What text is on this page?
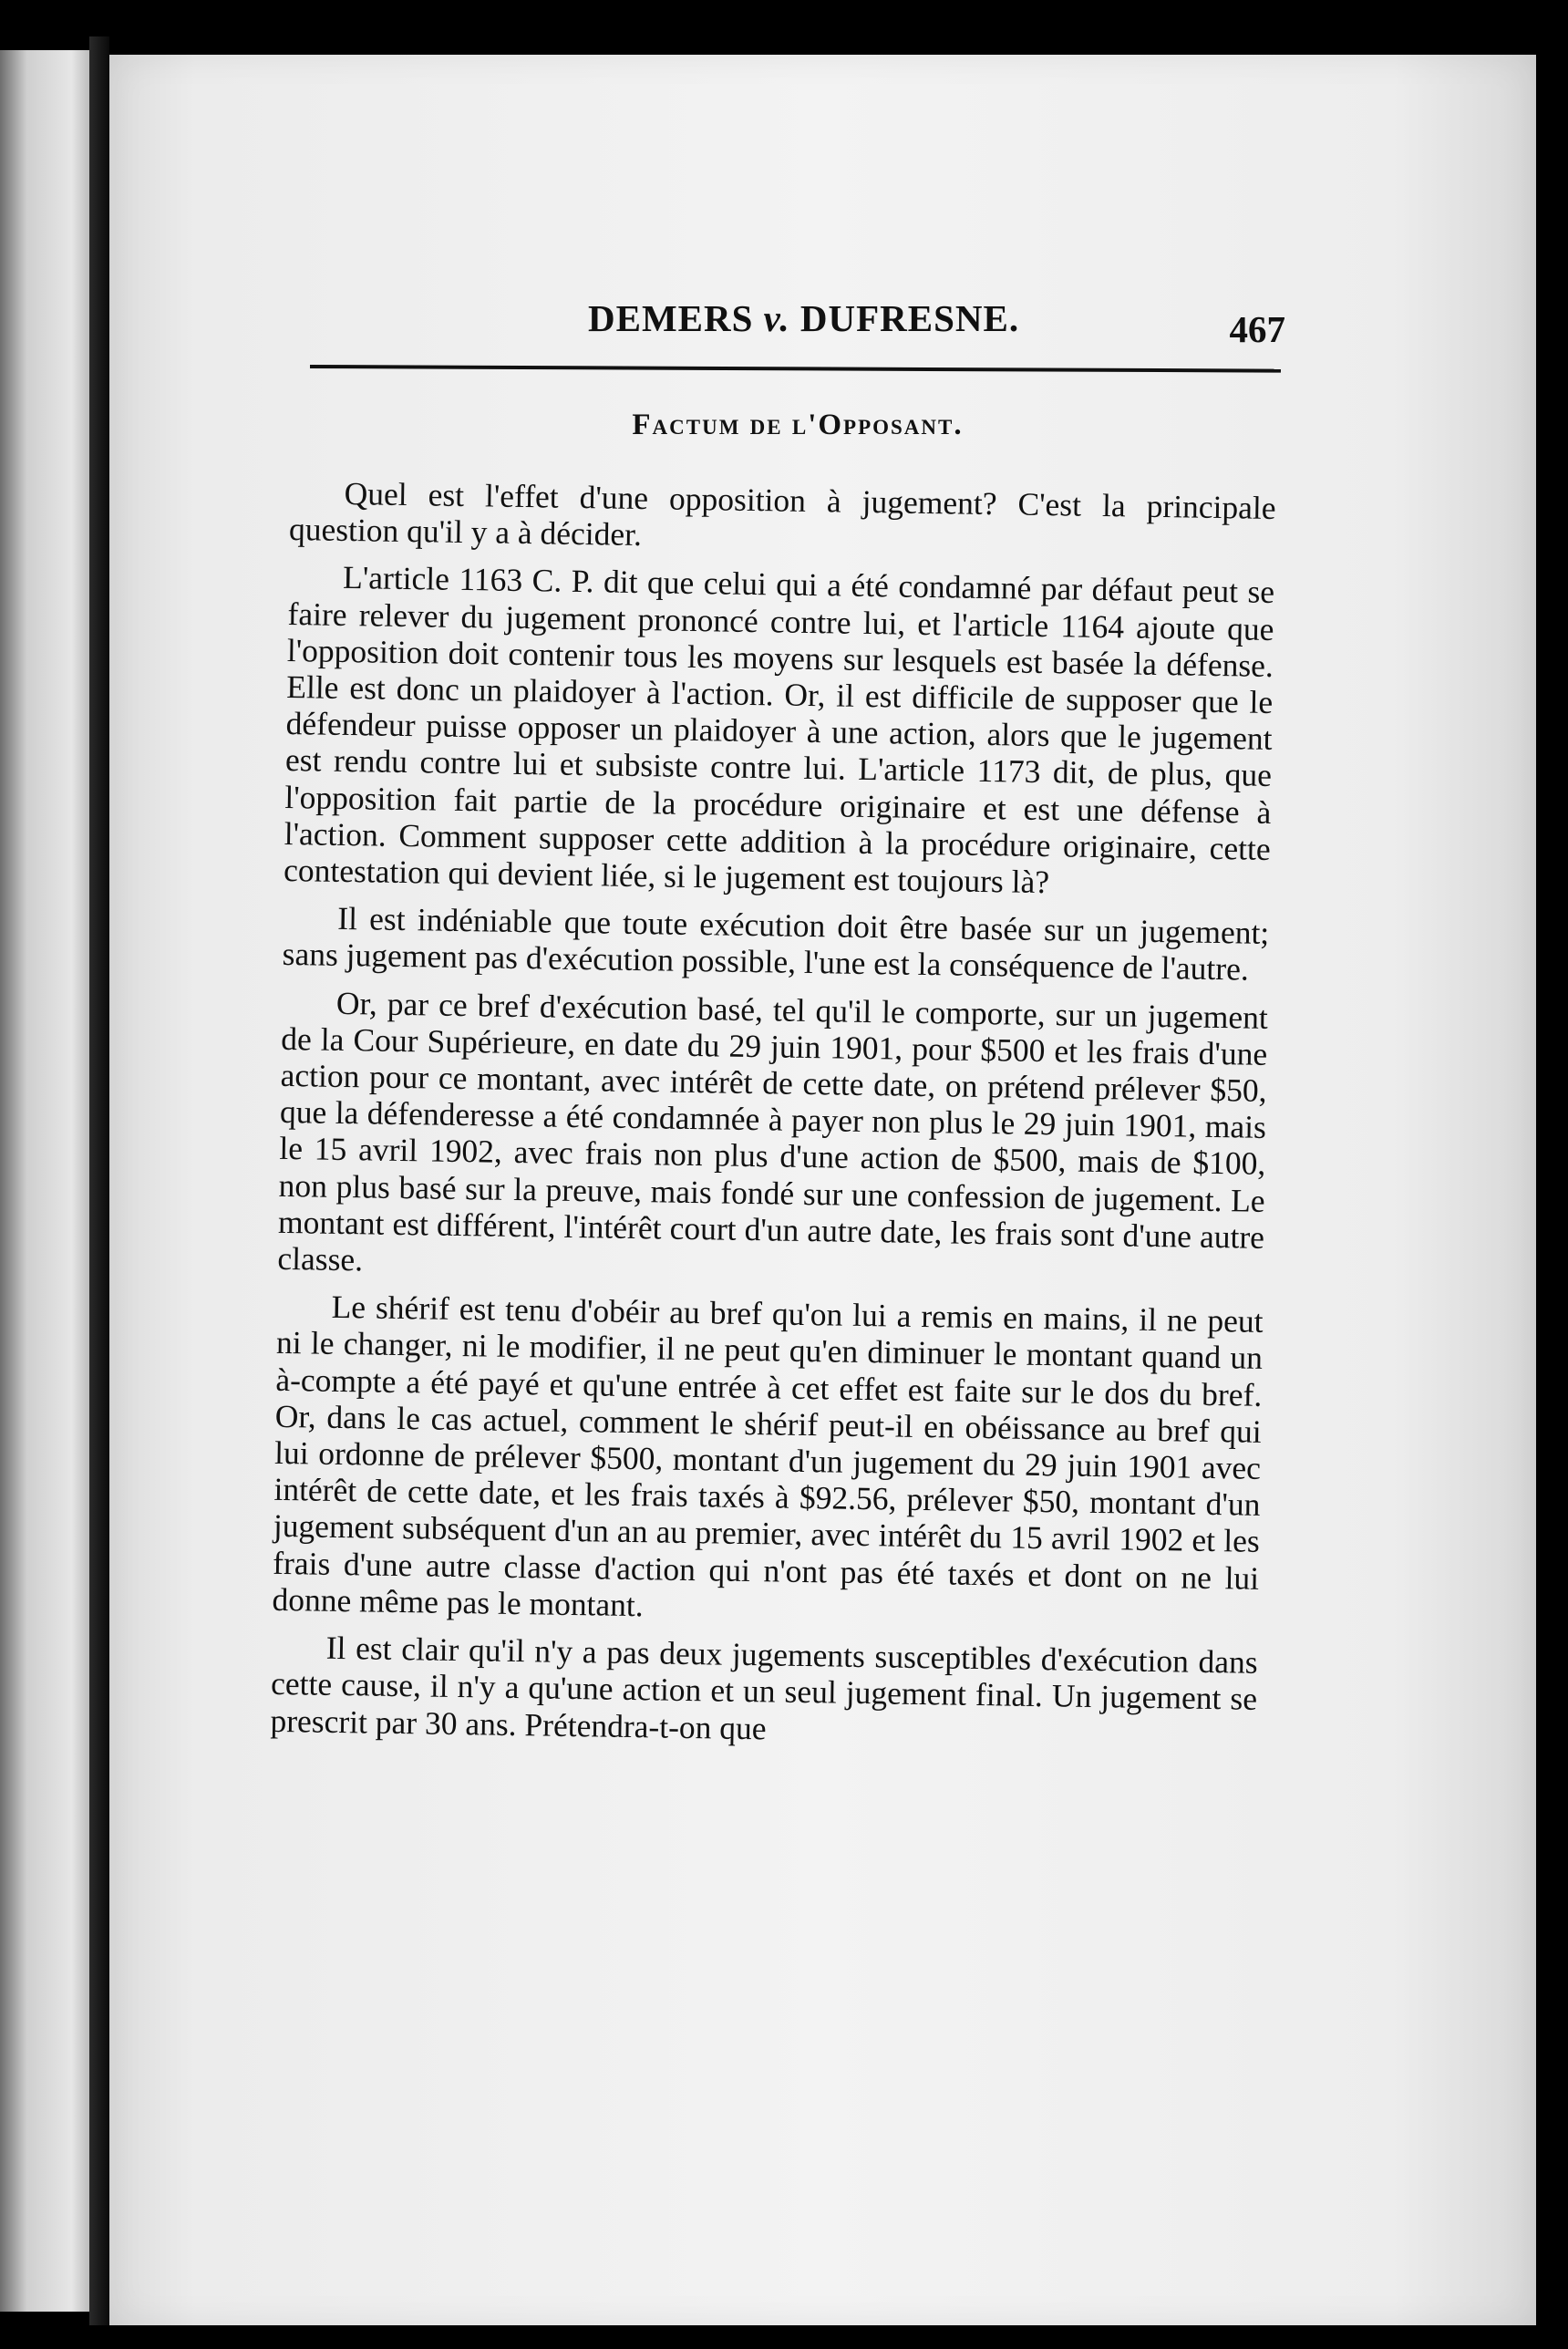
DEMERS v. DUFRESNE.	467
Factum de l'Opposant.

Quel est l'effet d'une opposition à jugement? C'est la principale question qu'il y a à décider.

L'article 1163 C. P. dit que celui qui a été condamné par défaut peut se faire relever du jugement prononcé contre lui, et l'article 1164 ajoute que l'opposition doit contenir tous les moyens sur lesquels est basée la défense. Elle est donc un plaidoyer à l'action. Or, il est difficile de supposer que le défendeur puisse opposer un plaidoyer à une action, alors que le jugement est rendu contre lui et subsiste contre lui. L'article 1173 dit, de plus, que l'opposition fait partie de la procédure originaire et est une défense à l'action. Comment supposer cette addition à la procédure originaire, cette contestation qui devient liée, si le jugement est toujours là?

Il est indéniable que toute exécution doit être basée sur un jugement; sans jugement pas d'exécution possible, l'une est la conséquence de l'autre.

Or, par ce bref d'exécution basé, tel qu'il le comporte, sur un jugement de la Cour Supérieure, en date du 29 juin 1901, pour $500 et les frais d'une action pour ce montant, avec intérêt de cette date, on prétend prélever $50, que la défenderesse a été condamnée à payer non plus le 29 juin 1901, mais le 15 avril 1902, avec frais non plus d'une action de $500, mais de $100, non plus basé sur la preuve, mais fondé sur une confession de jugement. Le montant est différent, l'intérêt court d'un autre date, les frais sont d'une autre classe.

Le shérif est tenu d'obéir au bref qu'on lui a remis en mains, il ne peut ni le changer, ni le modifier, il ne peut qu'en diminuer le montant quand un à-compte a été payé et qu'une entrée à cet effet est faite sur le dos du bref. Or, dans le cas actuel, comment le shérif peut-il en obéissance au bref qui lui ordonne de prélever $500, montant d'un jugement du 29 juin 1901 avec intérêt de cette date, et les frais taxés à $92.56, prélever $50, montant d'un jugement subséquent d'un an au premier, avec intérêt du 15 avril 1902 et les frais d'une autre classe d'action qui n'ont pas été taxés et dont on ne lui donne même pas le montant.

Il est clair qu'il n'y a pas deux jugements susceptibles d'exécution dans cette cause, il n'y a qu'une action et un seul jugement final. Un jugement se prescrit par 30 ans. Prétendra-t-on que
